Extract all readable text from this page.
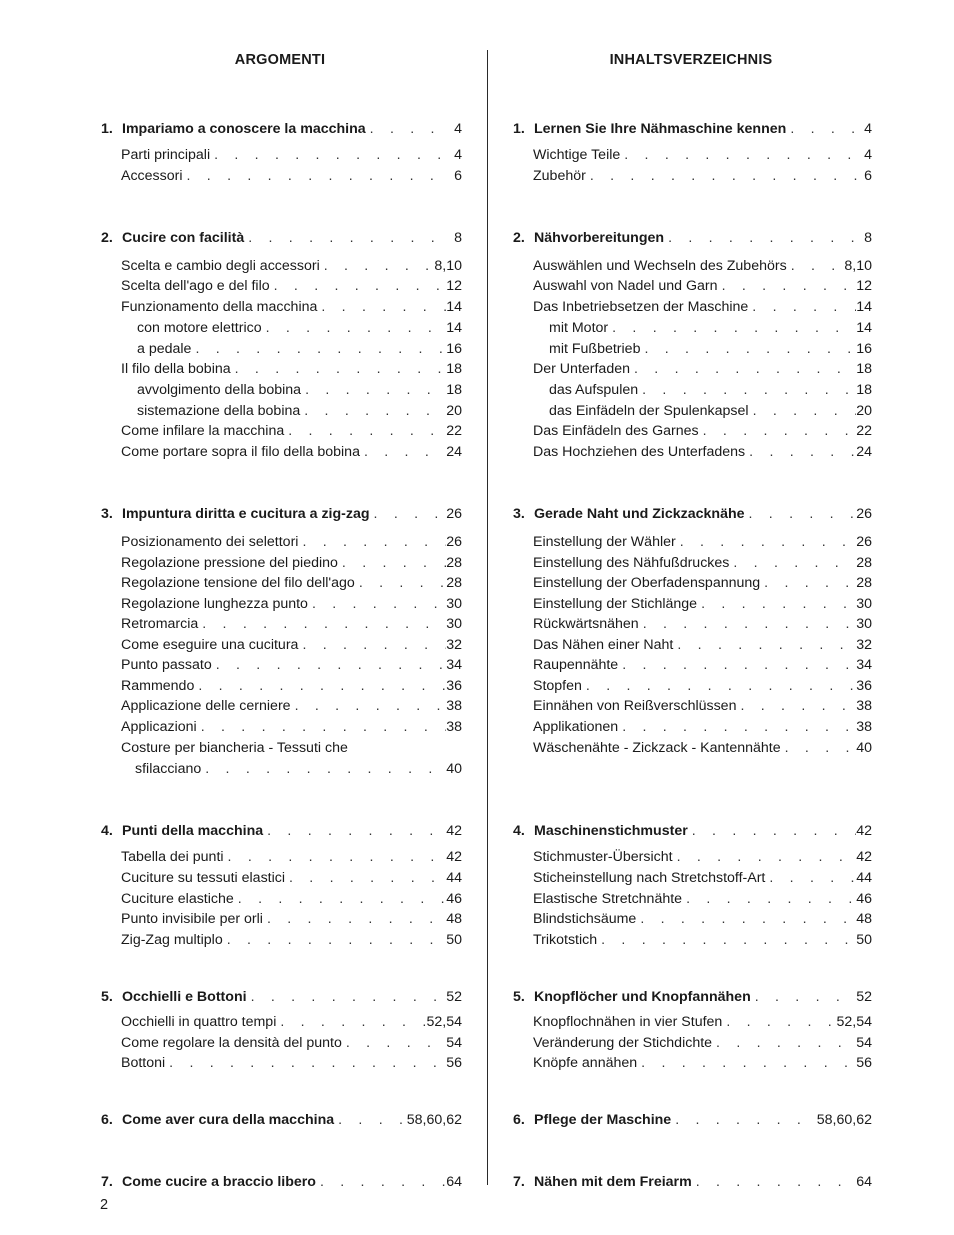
ARGOMENTI	INHALTSVERZEICHNIS
1. Impariamo a conoscere la macchina . . .	4
Parti principali . . .	4
Accessori . . .	6
2. Cucire con facilità . . .	8
Scelta e cambio degli accessori . . .	8,10
Scelta dell'ago e del filo . . .	12
Funzionamento della macchina . . .	14
con motore elettrico . . .	14
a pedale . . .	16
Il filo della bobina . . .	18
avvolgimento della bobina . . .	18
sistemazione della bobina . . .	20
Come infilare la macchina . . .	22
Come portare sopra il filo della bobina . . .	24
3. Impuntura diritta e cucitura a zig-zag . . .	26
Posizionamento dei selettori . . .	26
Regolazione pressione del piedino . . .	28
Regolazione tensione del filo dell'ago . . .	28
Regolazione lunghezza punto . . .	30
Retromarcia . . .	30
Come eseguire una cucitura . . .	32
Punto passato . . .	34
Rammendo . . .	36
Applicazione delle cerniere . . .	38
Applicazioni . . .	38
Costure per biancheria - Tessuti che
sfilacciano . . .	40
4. Punti della macchina . . .	42
Tabella dei punti . . .	42
Cuciture su tessuti elastici . . .	44
Cuciture elastiche . . .	46
Punto invisibile per orli . . .	48
Zig-Zag multiplo . . .	50
5. Occhielli e Bottoni . . .	52
Occhielli in quattro tempi . . .	52,54
Come regolare la densità del punto . . .	54
Bottoni . . .	56
6. Come aver cura della macchina . . .	58,60,62
7. Come cucire a braccio libero . . .	64
1. Lernen Sie Ihre Nähmaschine kennen . . .	4
Wichtige Teile . . .	4
Zubehör . . .	6
2. Nähvorbereitungen . . .	8
Auswählen und Wechseln des Zubehörs . . .	8,10
Auswahl von Nadel und Garn . . .	12
Das Inbetriebsetzen der Maschine . . .	14
mit Motor . . .	14
mit Fußbetrieb . . .	16
Der Unterfaden . . .	18
das Aufspulen . . .	18
das Einfädeln der Spulenkapsel . . .	20
Das Einfädeln des Garnes . . .	22
Das Hochziehen des Unterfadens . . .	24
3. Gerade Naht und Zickzacknähe . . .	26
Einstellung der Wähler . . .	26
Einstellung des Nähfußdruckes . . .	28
Einstellung der Oberfadenspannung . . .	28
Einstellung der Stichlänge . . .	30
Rückwärtsnähen . . .	30
Das Nähen einer Naht . . .	32
Raupennähte . . .	34
Stopfen . . .	36
Einnähen von Reißverschlüssen . . .	38
Applikationen . . .	38
Wäschenähte - Zickzack - Kantennähte . . .	40
4. Maschinenstichmuster . . .	42
Stichmuster-Übersicht . . .	42
Sticheinstellung nach Stretchstoff-Art . . .	44
Elastische Stretchnähte . . .	46
Blindstichsäume . . .	48
Trikotstich . . .	50
5. Knopflöcher und Knopfannähen . . .	52
Knopflochnähen in vier Stufen . . .	52,54
Veränderung der Stichdichte . . .	54
Knöpfe annähen . . .	56
6. Pflege der Maschine . . .	58,60,62
7. Nähen mit dem Freiarm . . .	64
2
